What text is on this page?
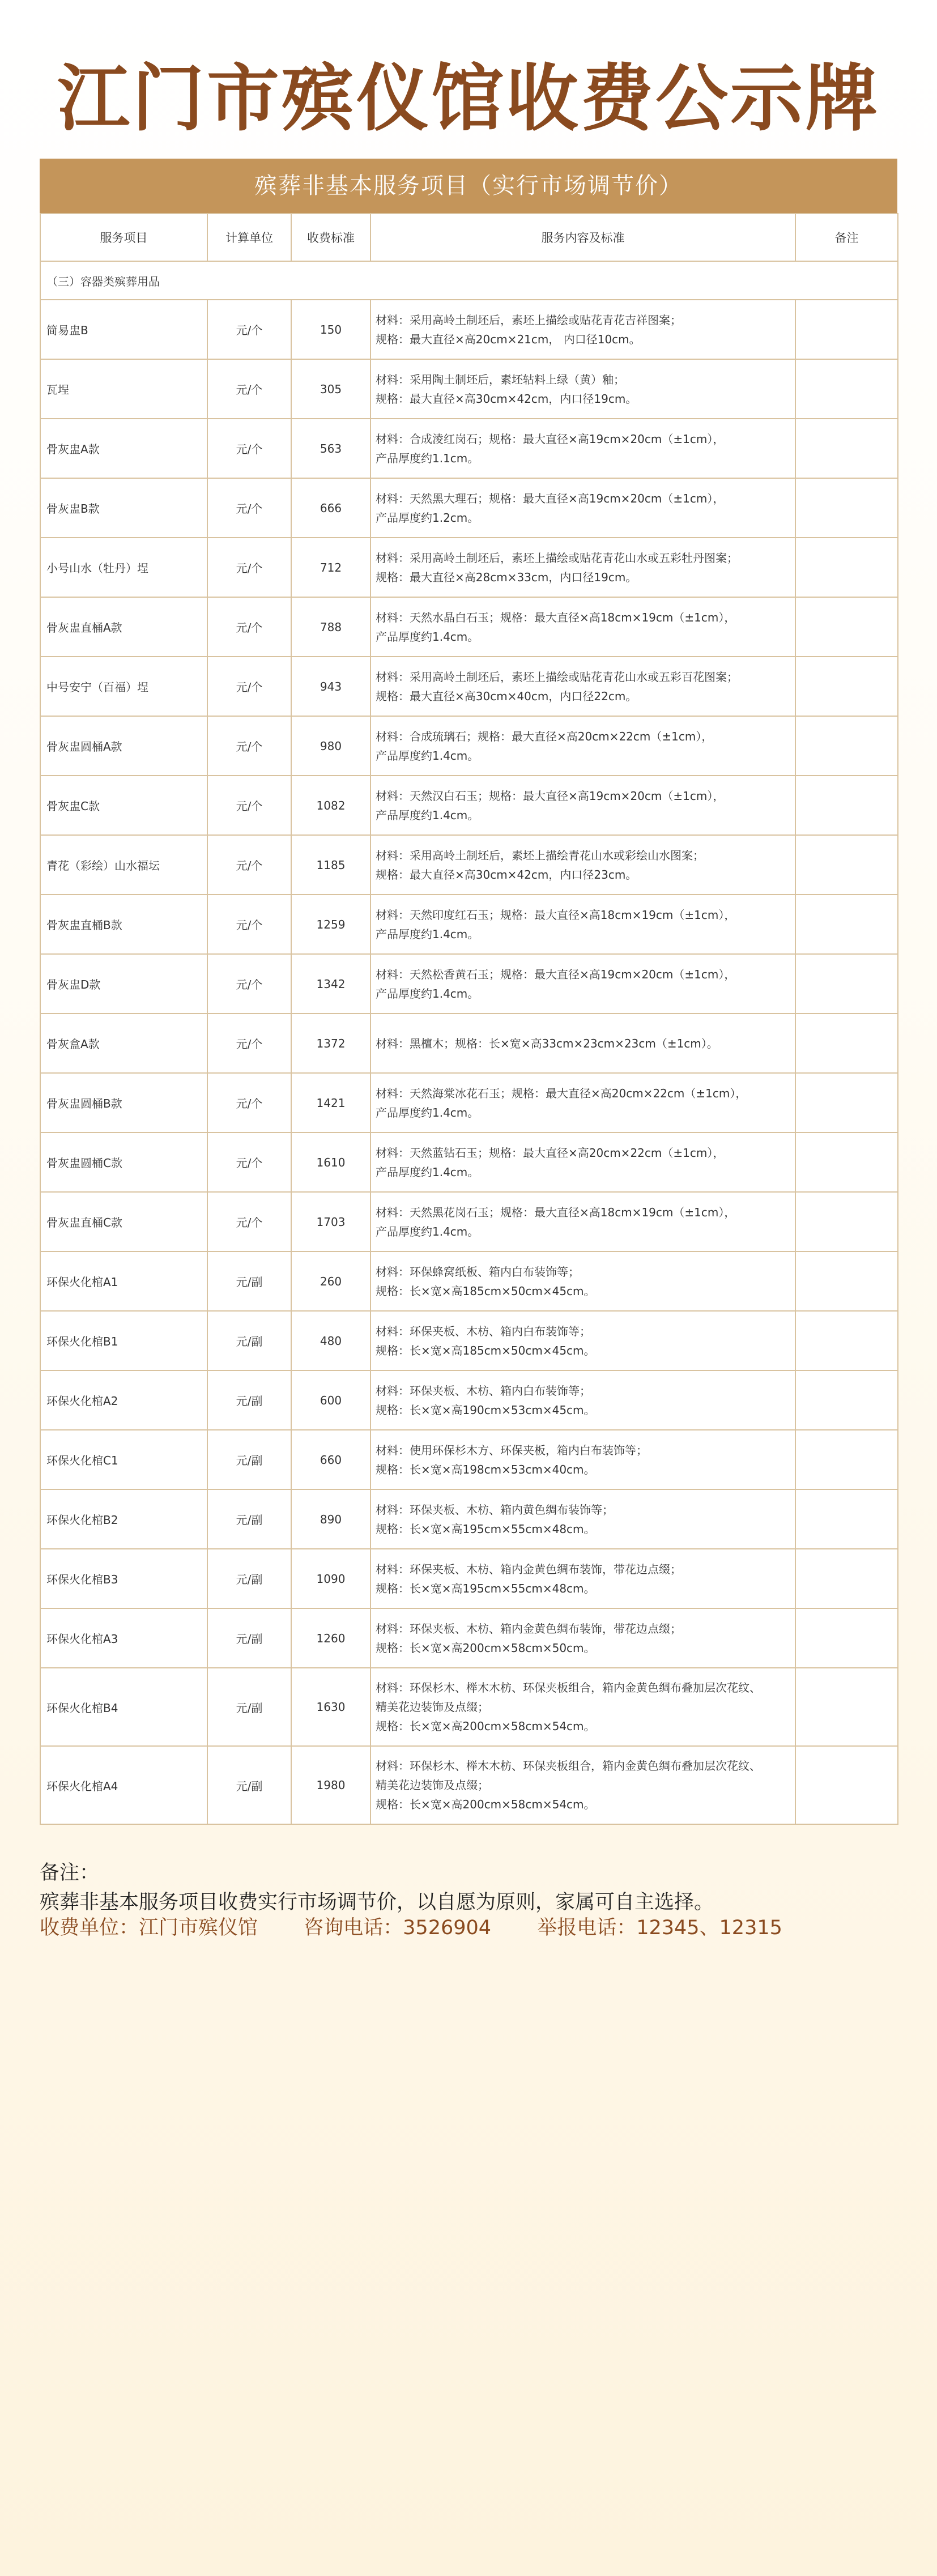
江门市殡仪馆收费公示牌
殡葬非基本服务项目（实行市场调节价）
服务项目	计算单位	收费标准	服务内容及标准	备注
（三）容器类殡葬用品				
简易盅B	元/个	150	材料：采用高岭土制坯后，素坯上描绘或贴花青花吉祥图案；
规格：最大直径×高20cm×21cm， 内口径10cm。	

瓦埕	元/个	305	材料：采用陶土制坯后，素坯轱料上绿（黄）釉；
规格：最大直径×高30cm×42cm，内口径19cm。	

骨灰盅A款	元/个	563	材料：合成淩红岗石；规格：最大直径×高19cm×20cm（±1cm），
产品厚度约1.1cm。	

骨灰盅B款	元/个	666	材料：天然黑大理石；规格：最大直径×高19cm×20cm（±1cm），
产品厚度约1.2cm。	

小号山水（牡丹）埕	元/个	712	材料：采用高岭土制坯后，素坯上描绘或贴花青花山水或五彩牡丹图案；
规格：最大直径×高28cm×33cm，内口径19cm。	

骨灰盅直桶A款	元/个	788	材料：天然水晶白石玉；规格：最大直径×高18cm×19cm（±1cm），
产品厚度约1.4cm。	

中号安宁（百福）埕	元/个	943	材料：采用高岭土制坯后，素坯上描绘或贴花青花山水或五彩百花图案；
规格：最大直径×高30cm×40cm，内口径22cm。	

骨灰盅圆桶A款	元/个	980	材料：合成琉璃石；规格：最大直径×高20cm×22cm（±1cm），
产品厚度约1.4cm。	

骨灰盅C款	元/个	1082	材料：天然汉白石玉；规格：最大直径×高19cm×20cm（±1cm），
产品厚度约1.4cm。	

青花（彩绘）山水福坛	元/个	1185	材料：采用高岭土制坯后，素坯上描绘青花山水或彩绘山水图案；
规格：最大直径×高30cm×42cm，内口径23cm。	

骨灰盅直桶B款	元/个	1259	材料：天然印度红石玉；规格：最大直径×高18cm×19cm（±1cm），
产品厚度约1.4cm。	

骨灰盅D款	元/个	1342	材料：天然松香黄石玉；规格：最大直径×高19cm×20cm（±1cm），
产品厚度约1.4cm。	

骨灰盒A款	元/个	1372	材料：黑檀木；规格：长×宽×高33cm×23cm×23cm（±1cm）。	

骨灰盅圆桶B款	元/个	1421	材料：天然海棠冰花石玉；规格：最大直径×高20cm×22cm（±1cm），
产品厚度约1.4cm。	

骨灰盅圆桶C款	元/个	1610	材料：天然蓝钻石玉；规格：最大直径×高20cm×22cm（±1cm），
产品厚度约1.4cm。	

骨灰盅直桶C款	元/个	1703	材料：天然黑花岗石玉；规格：最大直径×高18cm×19cm（±1cm），
产品厚度约1.4cm。	

环保火化棺A1	元/副	260	材料：环保蜂窝纸板、箱内白布装饰等；
规格：长×宽×高185cm×50cm×45cm。	

环保火化棺B1	元/副	480	材料：环保夹板、木枋、箱内白布装饰等；
规格：长×宽×高185cm×50cm×45cm。	

环保火化棺A2	元/副	600	材料：环保夹板、木枋、箱内白布装饰等；
规格：长×宽×高190cm×53cm×45cm。	

环保火化棺C1	元/副	660	材料：使用环保杉木方、环保夹板，箱内白布装饰等；
规格：长×宽×高198cm×53cm×40cm。	

环保火化棺B2	元/副	890	材料：环保夹板、木枋、箱内黄色绸布装饰等；
规格：长×宽×高195cm×55cm×48cm。	

环保火化棺B3	元/副	1090	材料：环保夹板、木枋、箱内金黄色绸布装饰，带花边点缀；
规格：长×宽×高195cm×55cm×48cm。	

环保火化棺A3	元/副	1260	材料：环保夹板、木枋、箱内金黄色绸布装饰，带花边点缀；
规格：长×宽×高200cm×58cm×50cm。	

环保火化棺B4	元/副	1630	材料：环保杉木、榉木木枋、环保夹板组合，箱内金黄色绸布叠加层次花纹、
精美花边装饰及点缀；
规格：长×宽×高200cm×58cm×54cm。	

环保火化棺A4	元/副	1980	材料：环保杉木、榉木木枋、环保夹板组合，箱内金黄色绸布叠加层次花纹、
精美花边装饰及点缀；
规格：长×宽×高200cm×58cm×54cm。	

备注：
殡葬非基本服务项目收费实行市场调节价，以自愿为原则，家属可自主选择。
收费单位：江门市殡仪馆 咨询电话：3526904 举报电话：12345、12315
